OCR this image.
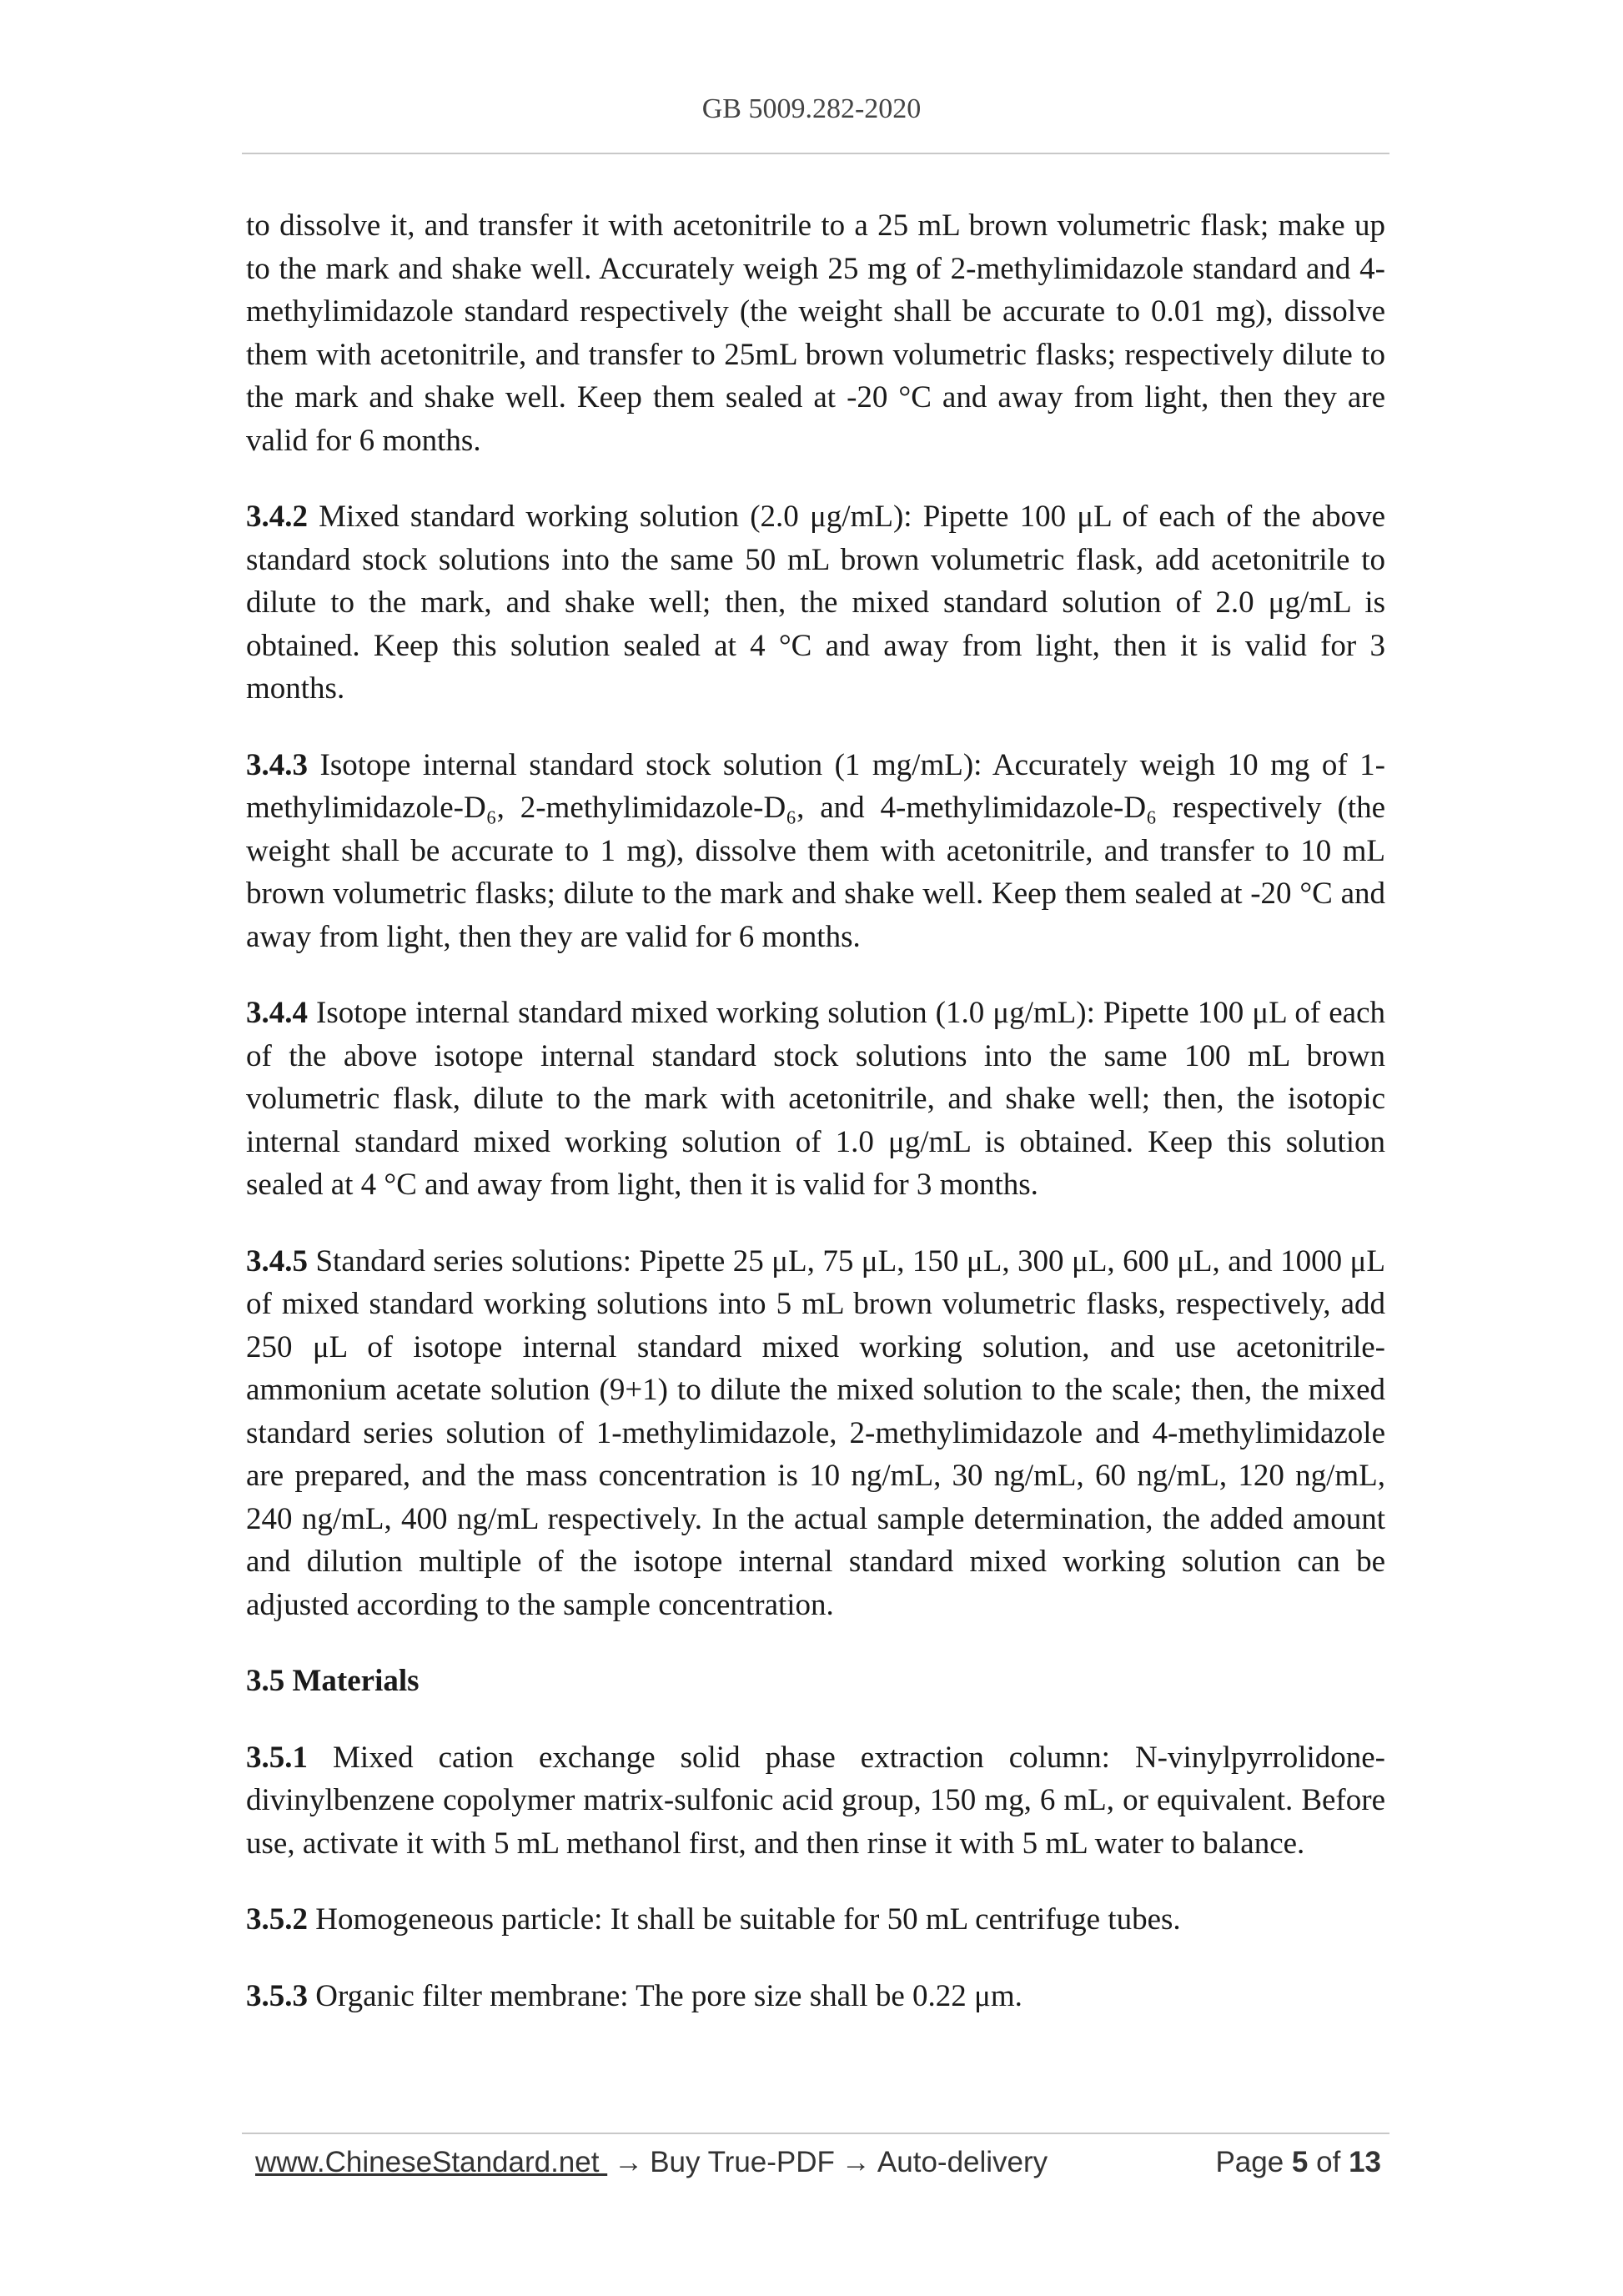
GB 5009.282-2020

to dissolve it, and transfer it with acetonitrile to a 25 mL brown volumetric flask; make up to the mark and shake well. Accurately weigh 25 mg of 2-methylimidazole standard and 4-methylimidazole standard respectively (the weight shall be accurate to 0.01 mg), dissolve them with acetonitrile, and transfer to 25mL brown volumetric flasks; respectively dilute to the mark and shake well. Keep them sealed at -20 °C and away from light, then they are valid for 6 months.

3.4.2 Mixed standard working solution (2.0 μg/mL): Pipette 100 μL of each of the above standard stock solutions into the same 50 mL brown volumetric flask, add acetonitrile to dilute to the mark, and shake well; then, the mixed standard solution of 2.0 μg/mL is obtained. Keep this solution sealed at 4 °C and away from light, then it is valid for 3 months.

3.4.3 Isotope internal standard stock solution (1 mg/mL): Accurately weigh 10 mg of 1-methylimidazole-D₆, 2-methylimidazole-D₆, and 4-methylimidazole-D₆ respectively (the weight shall be accurate to 1 mg), dissolve them with acetonitrile, and transfer to 10 mL brown volumetric flasks; dilute to the mark and shake well. Keep them sealed at -20 °C and away from light, then they are valid for 6 months.

3.4.4 Isotope internal standard mixed working solution (1.0 μg/mL): Pipette 100 μL of each of the above isotope internal standard stock solutions into the same 100 mL brown volumetric flask, dilute to the mark with acetonitrile, and shake well; then, the isotopic internal standard mixed working solution of 1.0 μg/mL is obtained. Keep this solution sealed at 4 °C and away from light, then it is valid for 3 months.

3.4.5 Standard series solutions: Pipette 25 μL, 75 μL, 150 μL, 300 μL, 600 μL, and 1000 μL of mixed standard working solutions into 5 mL brown volumetric flasks, respectively, add 250 μL of isotope internal standard mixed working solution, and use acetonitrile- ammonium acetate solution (9+1) to dilute the mixed solution to the scale; then, the mixed standard series solution of 1-methylimidazole, 2-methylimidazole and 4-methylimidazole are prepared, and the mass concentration is 10 ng/mL, 30 ng/mL, 60 ng/mL, 120 ng/mL, 240 ng/mL, 400 ng/mL respectively. In the actual sample determination, the added amount and dilution multiple of the isotope internal standard mixed working solution can be adjusted according to the sample concentration.

3.5 Materials

3.5.1 Mixed cation exchange solid phase extraction column: N-vinylpyrrolidone-divinylbenzene copolymer matrix-sulfonic acid group, 150 mg, 6 mL, or equivalent. Before use, activate it with 5 mL methanol first, and then rinse it with 5 mL water to balance.

3.5.2 Homogeneous particle: It shall be suitable for 50 mL centrifuge tubes.

3.5.3 Organic filter membrane: The pore size shall be 0.22 μm.

www.ChineseStandard.net → Buy True-PDF → Auto-delivery	Page 5 of 13
